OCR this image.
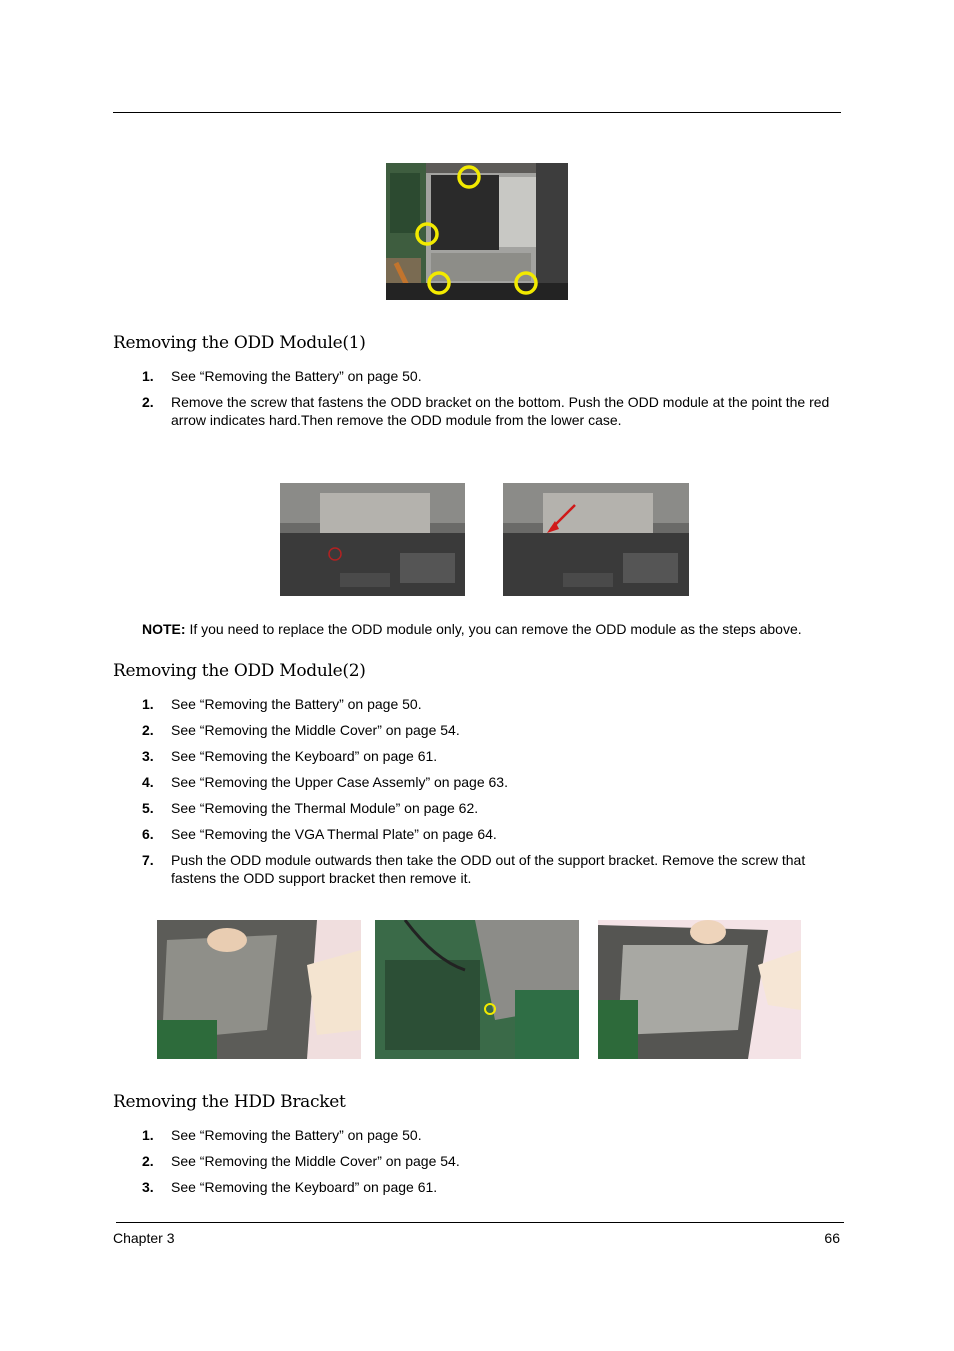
Removing the ODD Module(1)
1. See “Removing the Battery” on page 50.
2. Remove the screw that fastens the ODD bracket on the bottom. Push the ODD module at the point the red arrow indicates hard.Then remove the ODD module from the lower case.
NOTE: If you need to replace the ODD module only, you can remove the ODD module as the steps above.
Removing the ODD Module(2)
1. See “Removing the Battery” on page 50.
2. See “Removing the Middle Cover” on page 54.
3. See “Removing the Keyboard” on page 61.
4. See “Removing the Upper Case Assemly” on page 63.
5. See “Removing the Thermal Module” on page 62.
6. See “Removing the VGA Thermal Plate” on page 64.
7. Push the ODD module outwards then take the ODD out of the support bracket. Remove the screw that fastens the ODD support bracket then remove it.
Removing the HDD Bracket
1. See “Removing the Battery” on page 50.
2. See “Removing the Middle Cover” on page 54.
3. See “Removing the Keyboard” on page 61.
Chapter 3	66
